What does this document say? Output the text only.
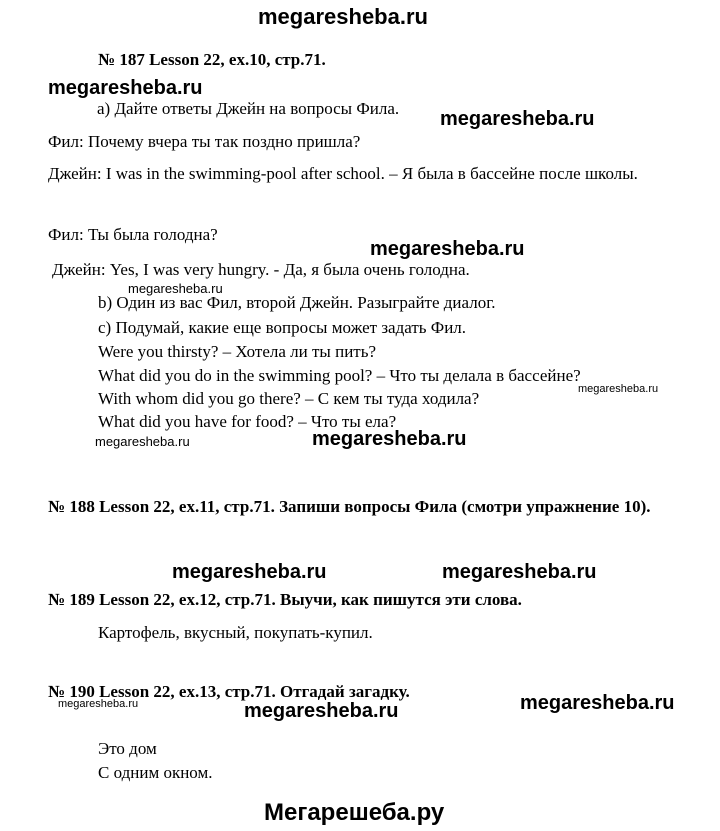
megaresheba.ru
№ 187 Lesson 22, ex.10, стр.71.
megaresheba.ru
а) Дайте ответы Джейн на вопросы Фила. megaresheba.ru
Фил: Почему вчера ты так поздно пришла?
Джейн: I was in the swimming-pool after school. – Я была в бассейне после школы.
Фил: Ты была голодна?
megaresheba.ru
Джейн: Yes, I was very hungry. - Да, я была очень голодна.
megaresheba.ru
b) Один из вас Фил, второй Джейн. Разыграйте диалог.
c) Подумай, какие еще вопросы может задать Фил.
Were you thirsty? – Хотела ли ты пить?
What did you do in the swimming pool? – Что ты делала в бассейне?
megaresheba.ru
With whom did you go there? – С кем ты туда ходила?
What did you have for food? – Что ты ела?
megaresheba.ru	megaresheba.ru
№ 188 Lesson 22, ex.11, стр.71. Запиши вопросы Фила (смотри упражнение 10).
megaresheba.ru	megaresheba.ru
№ 189 Lesson 22, ex.12, стр.71. Выучи, как пишутся эти слова.
Картофель, вкусный, покупать-купил.
№ 190 Lesson 22, ex.13, стр.71. Отгадай загадку.
megaresheba.ru	megaresheba.ru	megaresheba.ru
Это дом
С одним окном.
Мегарешеба.ру
